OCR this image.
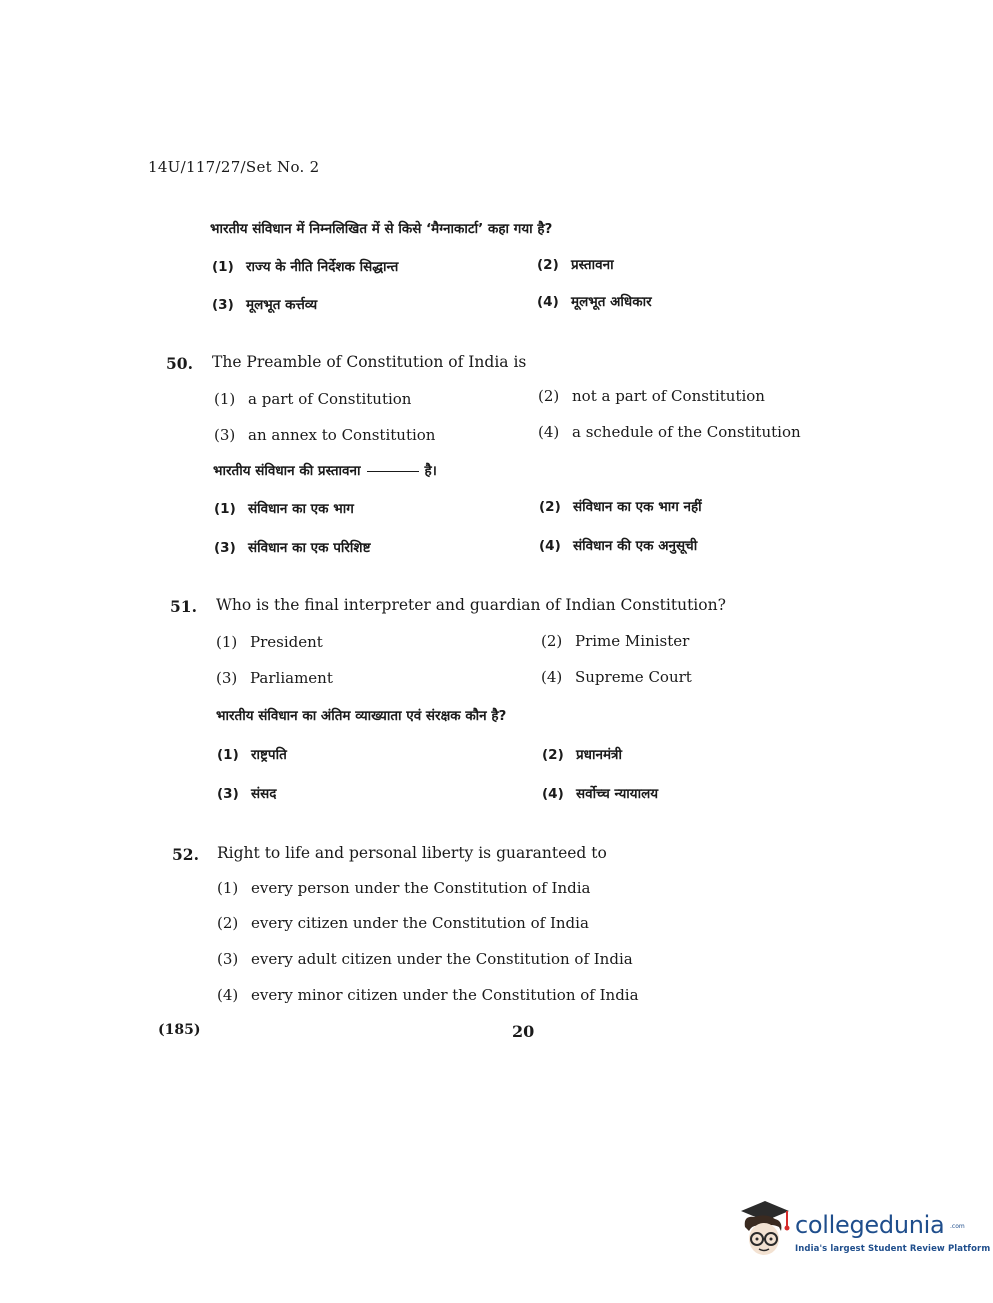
14U/117/27/Set No. 2
भारतीय संविधान में निम्नलिखित में से किसे ‘मैग्नाकार्टा’ कहा गया है?
(1) राज्य के नीति निर्देशक सिद्धान्त	(2) प्रस्तावना
(3) मूलभूत कर्त्तव्य	(4) मूलभूत अधिकार
50. The Preamble of Constitution of India is
(1) a part of Constitution	(2) not a part of Constitution
(3) an annex to Constitution	(4) a schedule of the Constitution
भारतीय संविधान की प्रस्तावना	है।
(1) संविधान का एक भाग	(2) संविधान का एक भाग नहीं
(3) संविधान का एक परिशिष्ट	(4) संविधान की एक अनुसूची
51. Who is the final interpreter and guardian of Indian Constitution?
(1) President	(2) Prime Minister
(3) Parliament	(4) Supreme Court
भारतीय संविधान का अंतिम व्याख्याता एवं संरक्षक कौन है?
(1) राष्ट्रपति	(2) प्रधानमंत्री
(3) संसद	(4) सर्वोच्च न्यायालय
52. Right to life and personal liberty is guaranteed to
(1) every person under the Constitution of India
(2) every citizen under the Constitution of India
(3) every adult citizen under the Constitution of India
(4) every minor citizen under the Constitution of India
(185)	20
collegedunia .com
India's largest Student Review Platform
